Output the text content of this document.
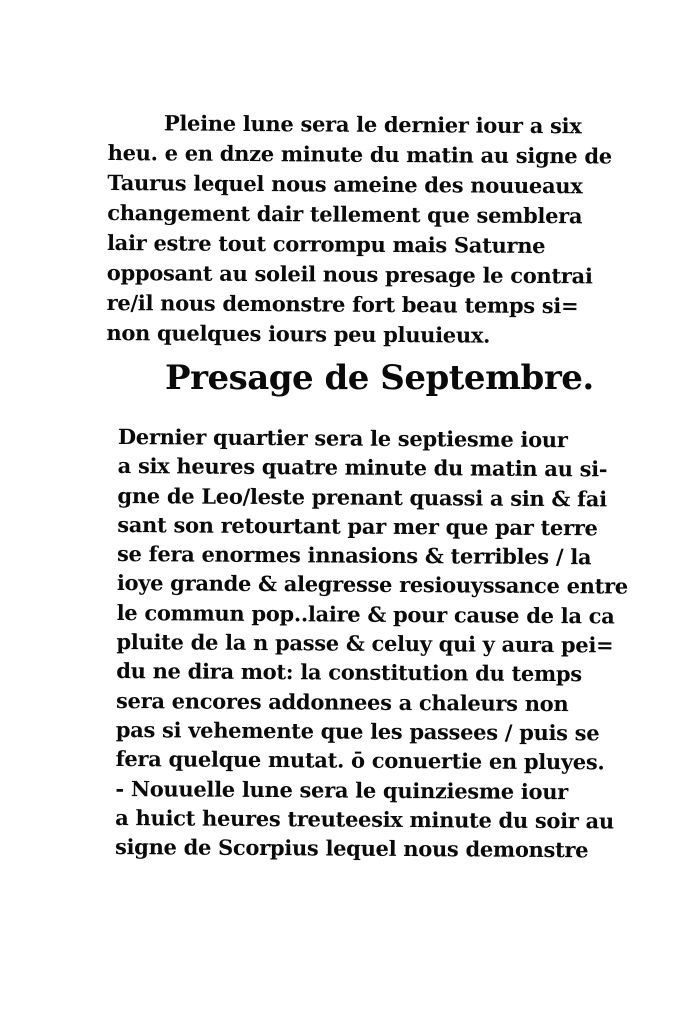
Pleine lune sera le dernier iour a six
heu. e en dnze minute du matin au signe de
Taurus lequel nous ameine des nouueaux
changement dair tellement que semblera
lair estre tout corrompu mais Saturne
opposant au soleil nous presage le contrai
re/il nous demonstre fort beau temps si=
non quelques iours peu pluuieux.
Presage de Septembre.
Dernier quartier sera le septiesme iour
a six heures quatre minute du matin au si-
gne de Leo/leste prenant quassi a sin & fai
sant son retourtant par mer que par terre
se fera enormes innasions & terribles / la
ioye grande & alegresse resiouyssance entre
le commun pop..laire & pour cause de la ca
pluite de la n passe & celuy qui y aura pei=
du ne dira mot: la constitution du temps
sera encores addonnees a chaleurs non
pas si vehemente que les passees / puis se
fera quelque mutat. ō conuertie en pluyes.
- Nouuelle lune sera le quinziesme iour
a huict heures treuteesix minute du soir au
signe de Scorpius lequel nous demonstre
